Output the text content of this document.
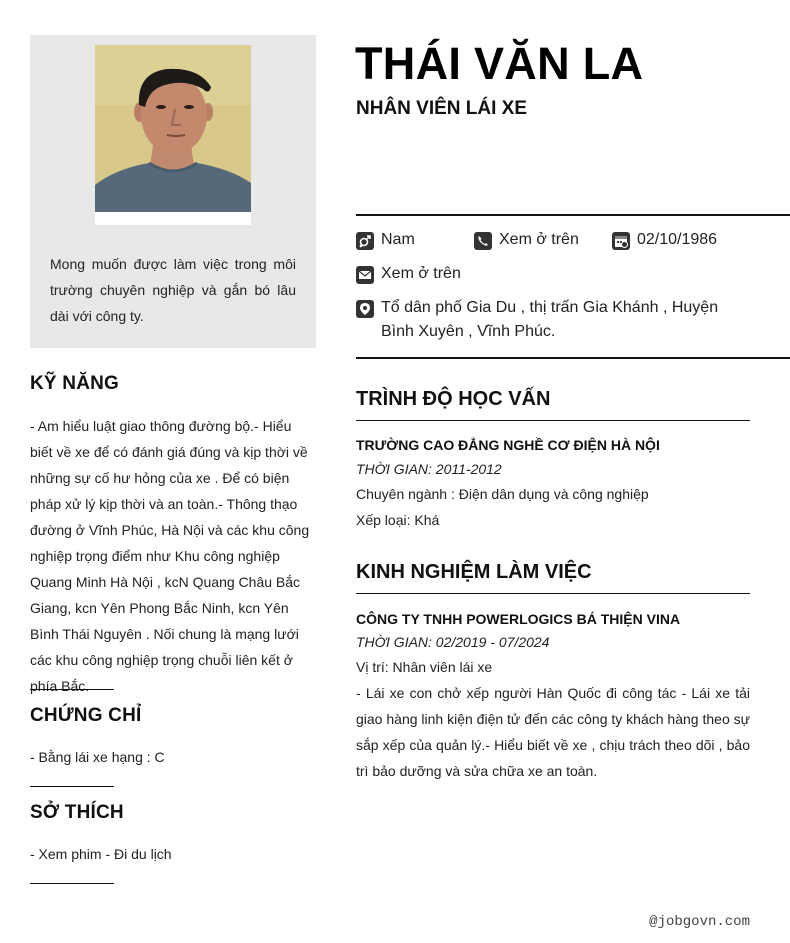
Mong muốn được làm việc trong môi trường chuyên nghiệp và gắn bó lâu dài với công ty.
KỸ NĂNG
- Am hiểu luật giao thông đường bộ.- Hiểu biết về xe để có đánh giá đúng và kịp thời về những sự cố hư hỏng của xe . Để có biện pháp xử lý kịp thời và an toàn.- Thông thạo đường ở Vĩnh Phúc, Hà Nội và các khu công nghiệp trọng điểm như Khu công nghiệp Quang Minh Hà Nội , kcN Quang Châu Bắc Giang, kcn Yên Phong Bắc Ninh, kcn Yên Bình Thái Nguyên . Nối chung là mạng lưới các khu công nghiệp trọng chuỗi liên kết ở phía Bắc.
CHỨNG CHỈ
- Bằng lái xe hạng : C
SỞ THÍCH
- Xem phim - Đi du lịch
THÁI VĂN LA
NHÂN VIÊN LÁI XE
Nam	Xem ở trên	02/10/1986
Xem ở trên
Tổ dân phố Gia Du , thị trấn Gia Khánh , Huyện Bình Xuyên , Vĩnh Phúc.
TRÌNH ĐỘ HỌC VẤN
TRƯỜNG CAO ĐẲNG NGHỀ CƠ ĐIỆN HÀ NỘI
THỜI GIAN: 2011-2012
Chuyên ngành : Điện dân dụng và công nghiệp
Xếp loại: Khá
KINH NGHIỆM LÀM VIỆC
CÔNG TY TNHH POWERLOGICS BÁ THIỆN VINA
THỜI GIAN: 02/2019 - 07/2024
Vị trí: Nhân viên lái xe
- Lái xe con chở xếp người Hàn Quốc đi công tác - Lái xe tải giao hàng linh kiện điện tử đến các công ty khách hàng theo sự sắp xếp của quản lý.- Hiểu biết về xe , chịu trách theo dõi , bảo trì bảo dưỡng và sửa chữa xe an toàn.
@jobgovn.com
